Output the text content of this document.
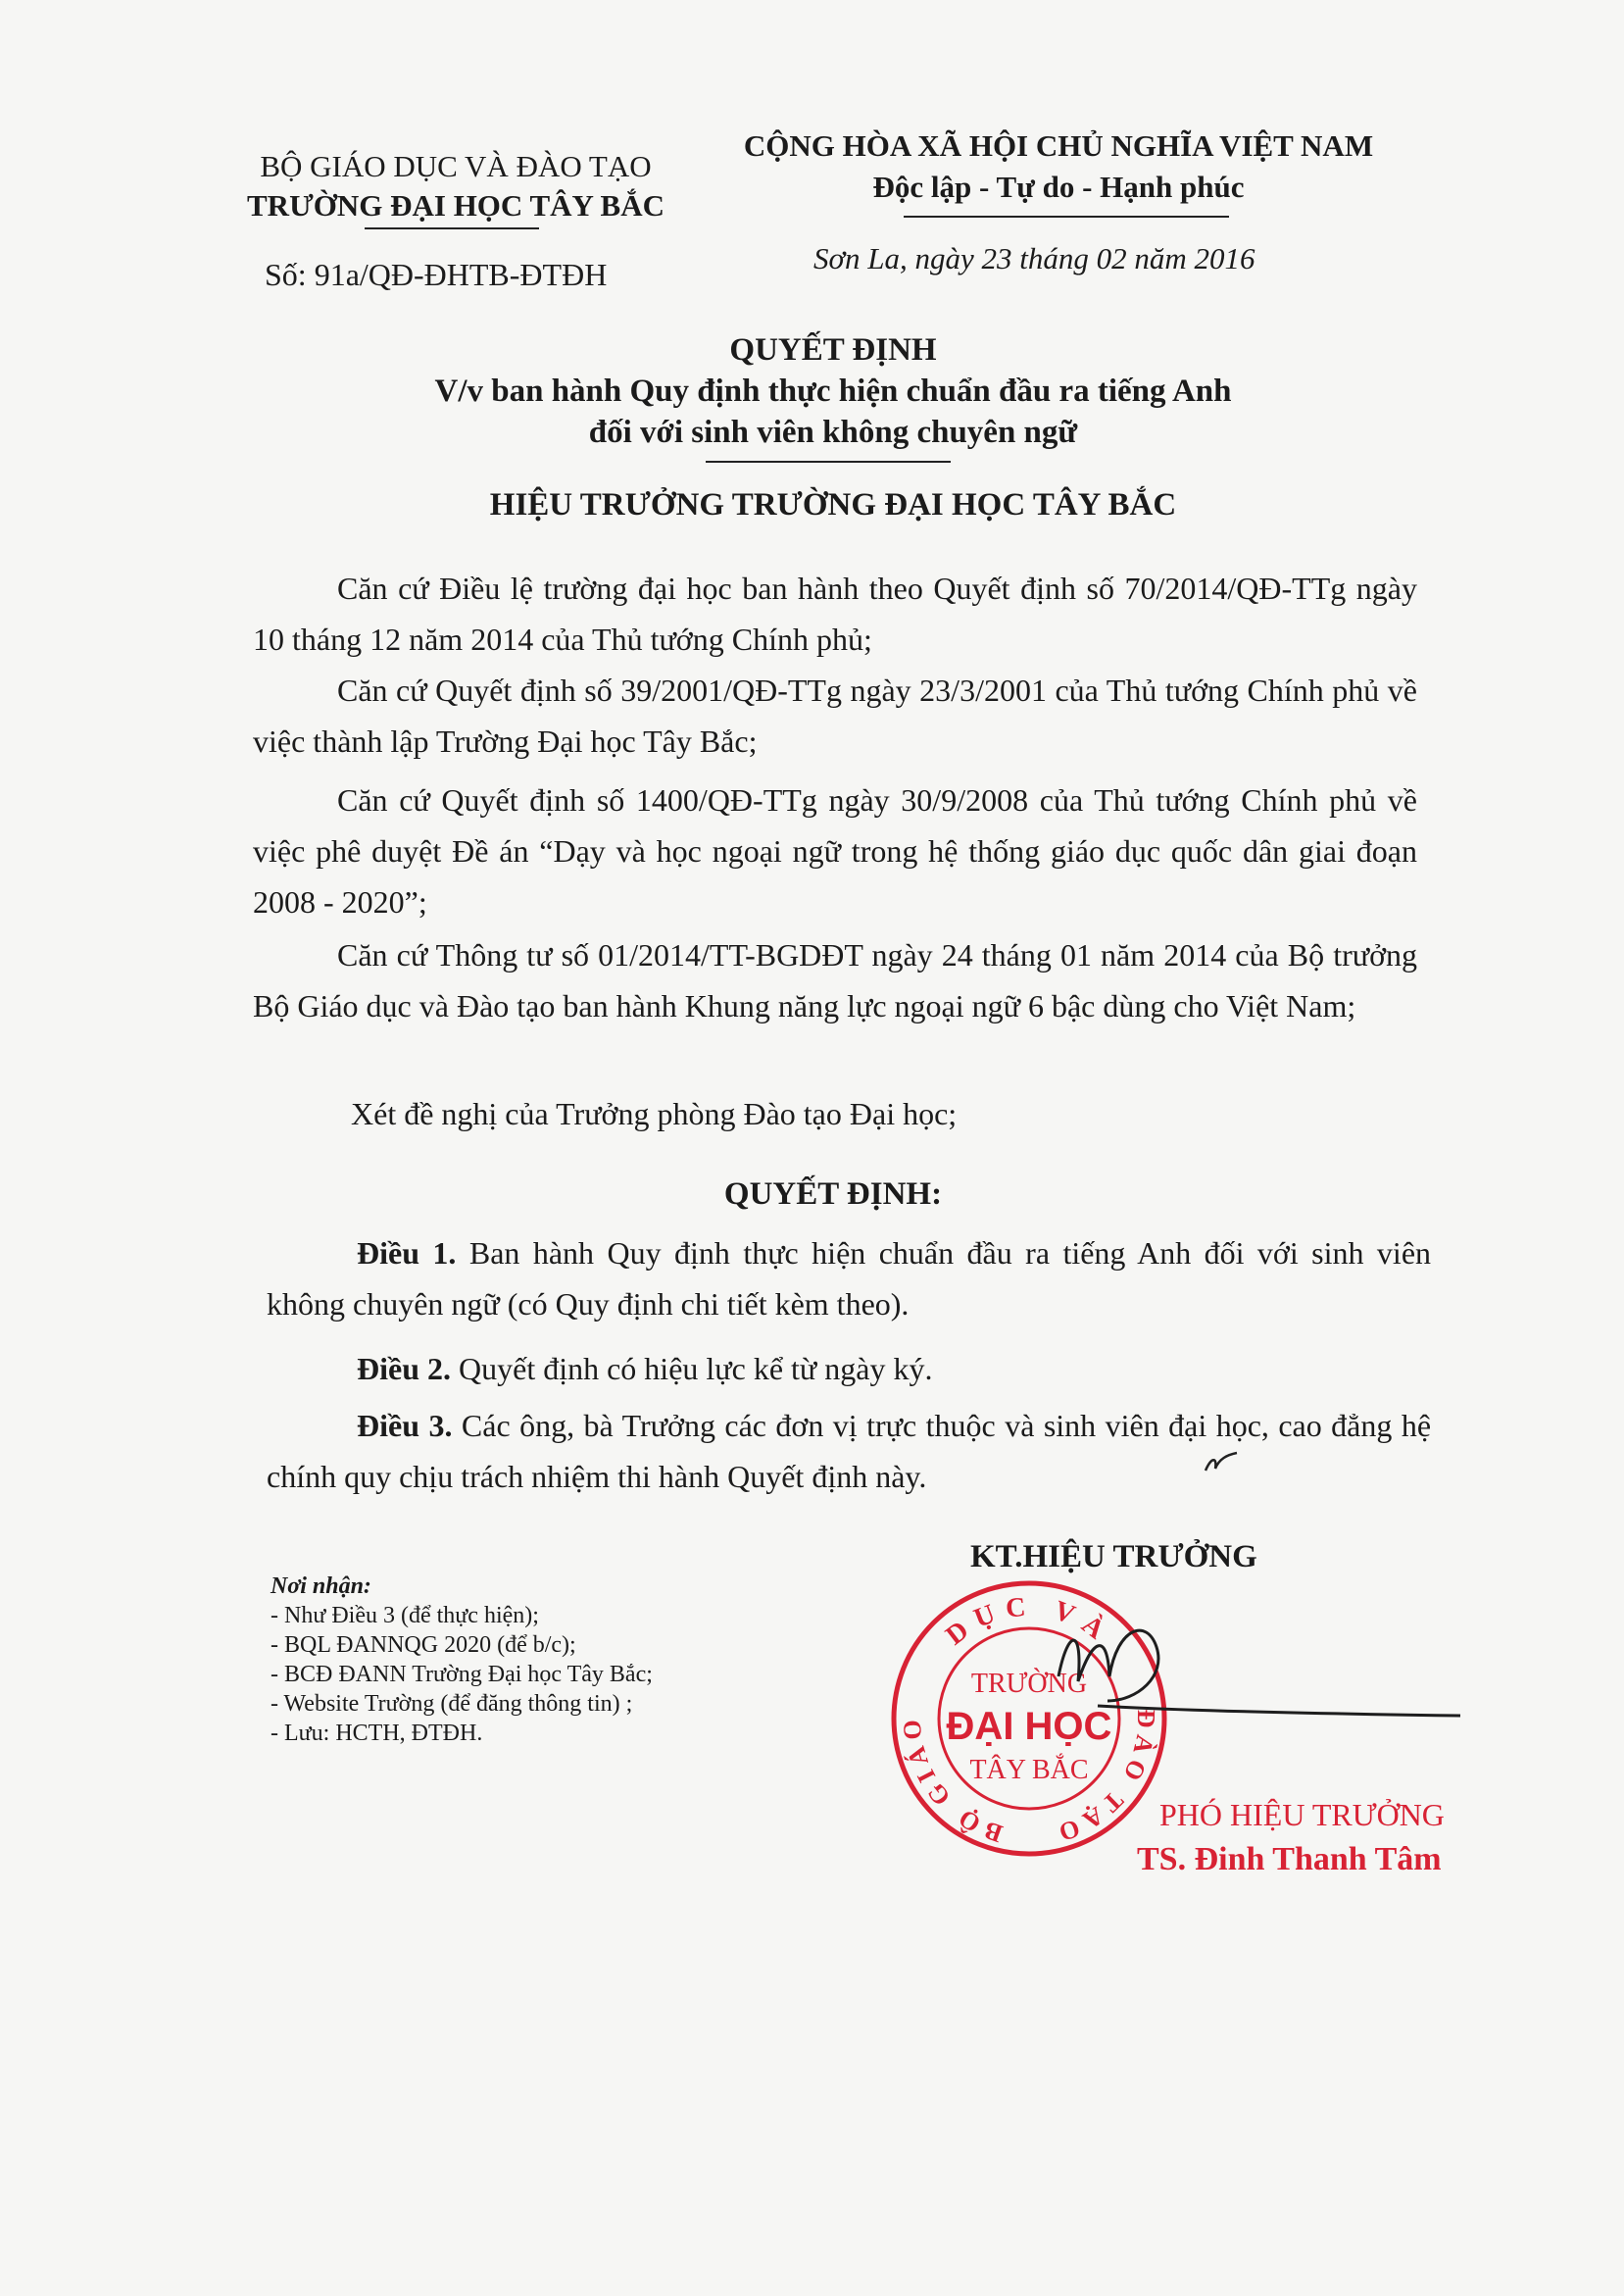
BỘ GIÁO DỤC VÀ ĐÀO TẠO
TRƯỜNG ĐẠI HỌC TÂY BẮC
CỘNG HÒA XÃ HỘI CHỦ NGHĨA VIỆT NAM
Độc lập - Tự do - Hạnh phúc
Số: 91a/QĐ-ĐHTB-ĐTĐH	Sơn La, ngày 23 tháng 02 năm 2016
QUYẾT ĐỊNH
V/v ban hành Quy định thực hiện chuẩn đầu ra tiếng Anh
đối với sinh viên không chuyên ngữ
HIỆU TRƯỞNG TRƯỜNG ĐẠI HỌC TÂY BẮC
Căn cứ Điều lệ trường đại học ban hành theo Quyết định số 70/2014/QĐ-TTg ngày 10 tháng 12 năm 2014 của Thủ tướng Chính phủ;
Căn cứ Quyết định số 39/2001/QĐ-TTg ngày 23/3/2001 của Thủ tướng Chính phủ về việc thành lập Trường Đại học Tây Bắc;
Căn cứ Quyết định số 1400/QĐ-TTg ngày 30/9/2008 của Thủ tướng Chính phủ về việc phê duyệt Đề án “Dạy và học ngoại ngữ trong hệ thống giáo dục quốc dân giai đoạn 2008 - 2020”;
Căn cứ Thông tư số 01/2014/TT-BGDĐT ngày 24 tháng 01 năm 2014 của Bộ trưởng Bộ Giáo dục và Đào tạo ban hành Khung năng lực ngoại ngữ 6 bậc dùng cho Việt Nam;
Xét đề nghị của Trưởng phòng Đào tạo Đại học;
QUYẾT ĐỊNH:
Điều 1. Ban hành Quy định thực hiện chuẩn đầu ra tiếng Anh đối với sinh viên không chuyên ngữ (có Quy định chi tiết kèm theo).
Điều 2. Quyết định có hiệu lực kể từ ngày ký.
Điều 3. Các ông, bà Trưởng các đơn vị trực thuộc và sinh viên đại học, cao đẳng hệ chính quy chịu trách nhiệm thi hành Quyết định này.
Nơi nhận:
- Như Điều 3 (để thực hiện);
- BQL ĐANNQG 2020 (để b/c);
- BCĐ ĐANN Trường Đại học Tây Bắc;
- Website Trường (để đăng thông tin) ;
- Lưu: HCTH, ĐTĐH.
KT.HIỆU TRƯỞNG
DỤC VÀ
BỘ GIÁO	ĐÀO TẠO
TRƯỜNG
ĐẠI HỌC
TÂY BẮC
PHÓ HIỆU TRƯỞNG
TS. Đinh Thanh Tâm
